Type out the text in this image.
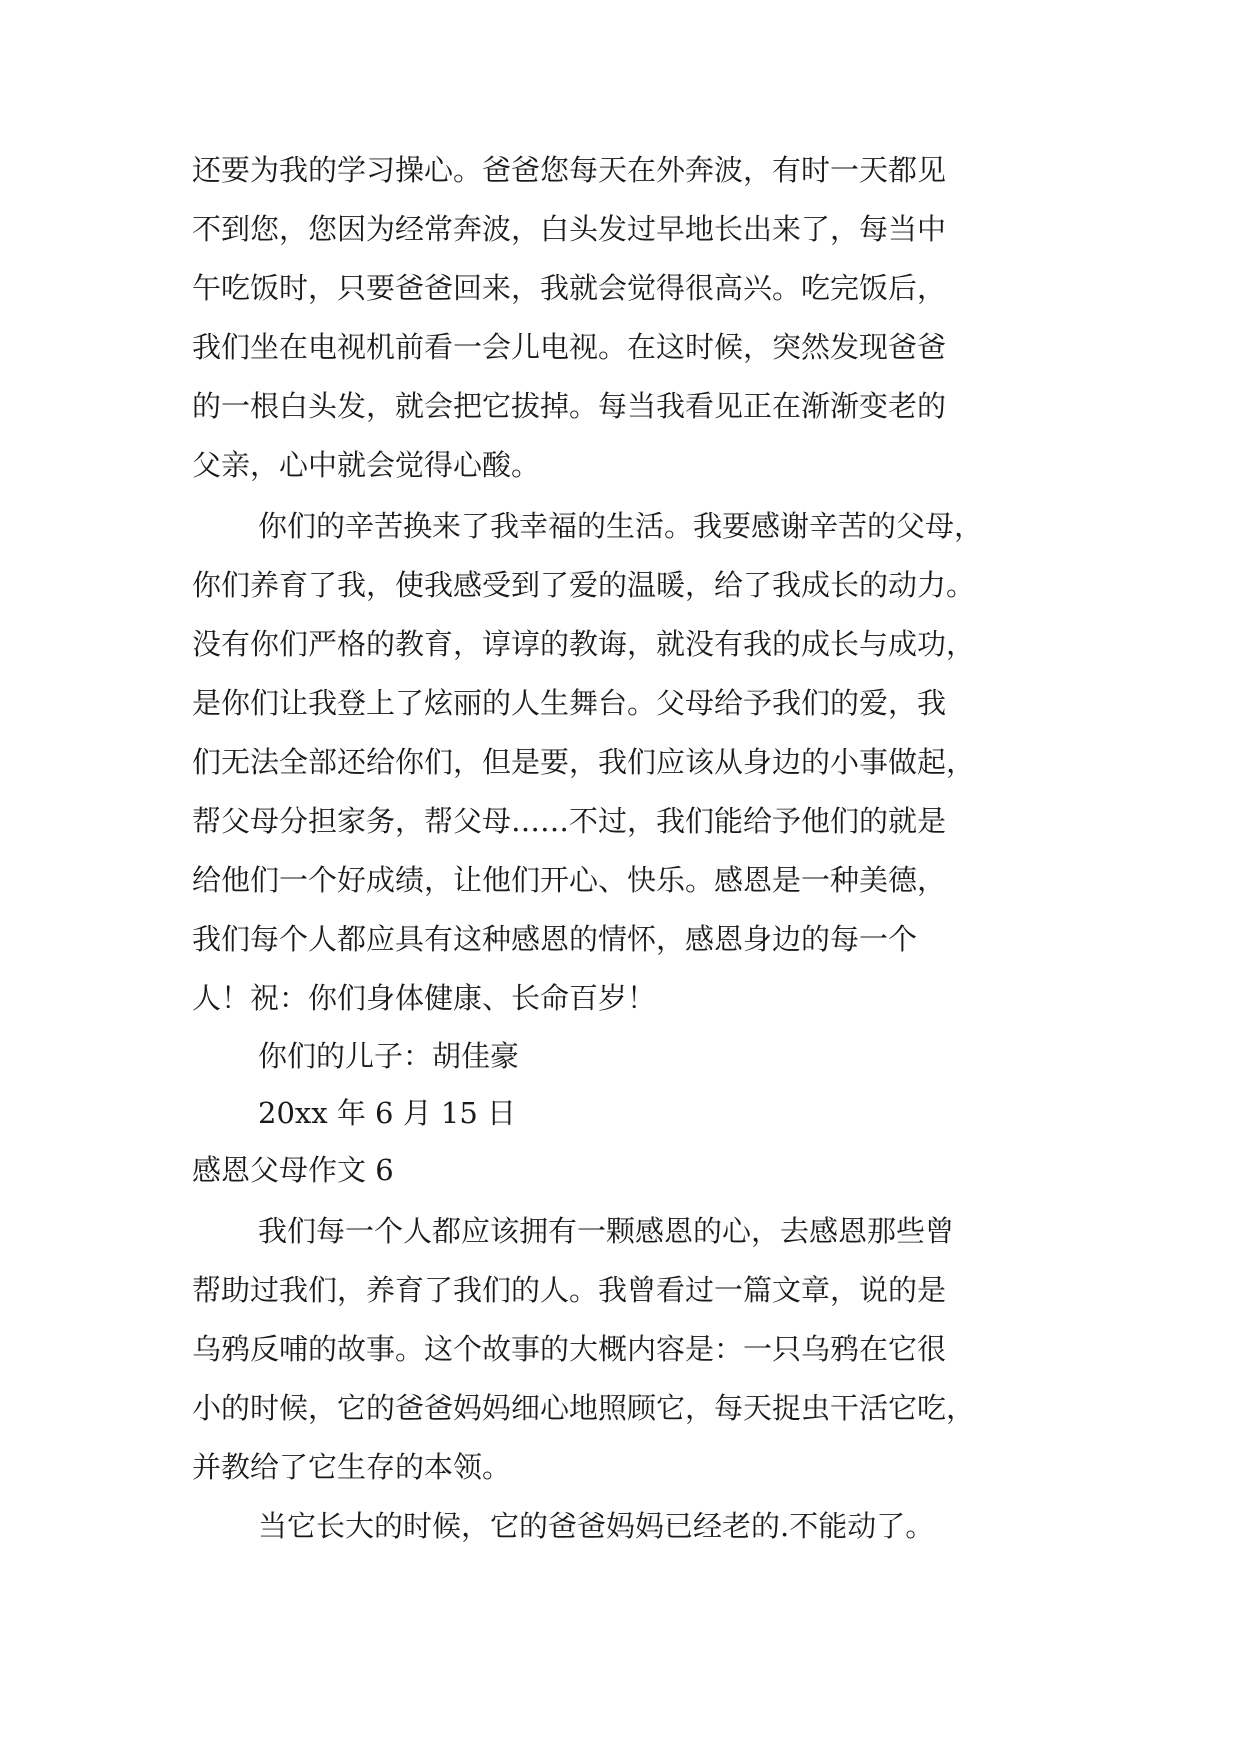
还要为我的学习操心。爸爸您每天在外奔波，有时一天都见
不到您，您因为经常奔波，白头发过早地长出来了，每当中
午吃饭时，只要爸爸回来，我就会觉得很高兴。吃完饭后，
我们坐在电视机前看一会儿电视。在这时候，突然发现爸爸
的一根白头发，就会把它拔掉。每当我看见正在渐渐变老的
父亲，心中就会觉得心酸。
你们的辛苦换来了我幸福的生活。我要感谢辛苦的父母，
你们养育了我，使我感受到了爱的温暖，给了我成长的动力。
没有你们严格的教育，谆谆的教诲，就没有我的成长与成功，
是你们让我登上了炫丽的人生舞台。父母给予我们的爱，我
们无法全部还给你们，但是要，我们应该从身边的小事做起，
帮父母分担家务，帮父母……不过，我们能给予他们的就是
给他们一个好成绩，让他们开心、快乐。感恩是一种美德，
我们每个人都应具有这种感恩的情怀，感恩身边的每一个
人！祝：你们身体健康、长命百岁！
你们的儿子：胡佳豪
20xx 年 6 月 15 日
感恩父母作文 6
我们每一个人都应该拥有一颗感恩的心，去感恩那些曾
帮助过我们，养育了我们的人。我曾看过一篇文章，说的是
乌鸦反哺的故事。这个故事的大概内容是：一只乌鸦在它很
小的时候，它的爸爸妈妈细心地照顾它，每天捉虫干活它吃，
并教给了它生存的本领。
当它长大的时候，它的爸爸妈妈已经老的.不能动了。
